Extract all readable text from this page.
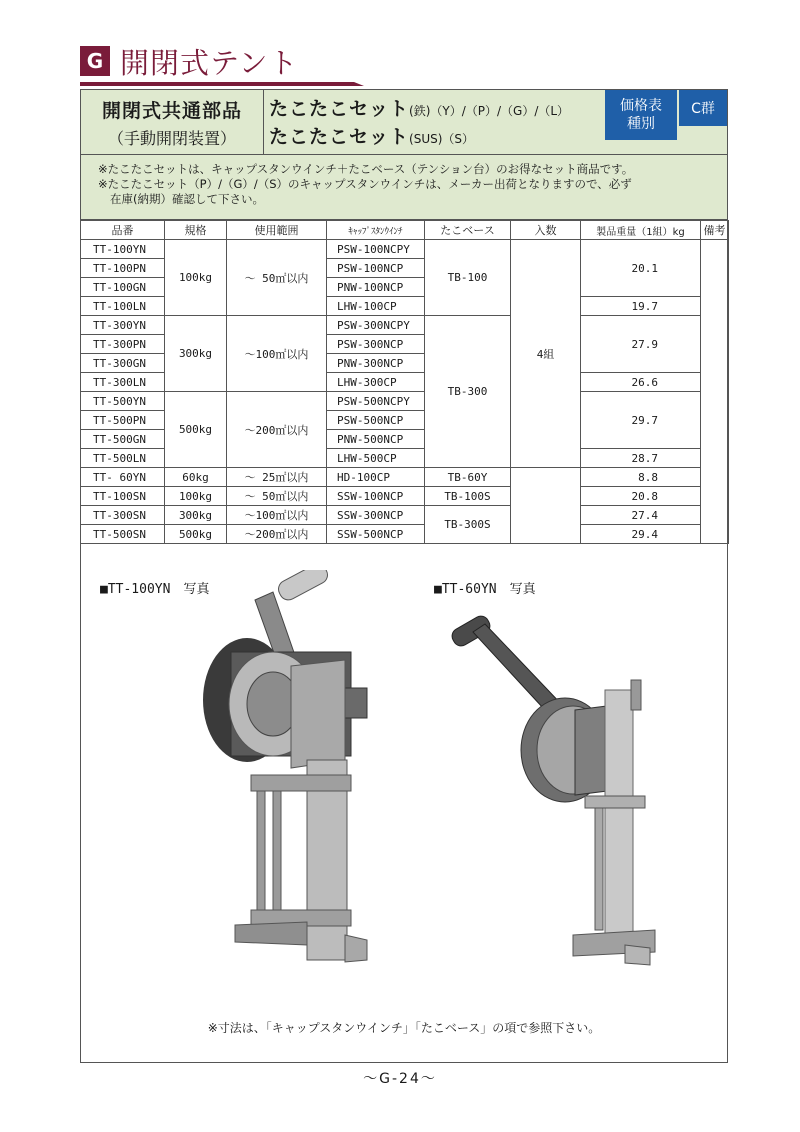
G 開閉式テント
開閉式共通部品
（手動開閉装置）
たこたこセット(鉄)（Y）/（P）/（G）/（L）
たこたこセット(SUS)（S）
価格表
種別
C群
※たこたこセットは、キャップスタンウインチ＋たこベース（テンション台）のお得なセット商品です。
※たこたこセット（P）/（G）/（S）のキャップスタンウインチは、メーカー出荷となりますので、必ず
在庫(納期）確認して下さい。
品番	規格	使用範囲	ｷｬｯﾌﾟｽﾀﾝｳｲﾝﾁ	たこベース	入数	製品重量（1組）kg	備考
TT-100YN	100kg	～ 50㎡以内	PSW-100NCPY	TB-100	4組	20.1	
TT-100PN			PSW-100NCP				
TT-100GN			PNW-100NCP				
TT-100LN			LHW-100CP			19.7	
TT-300YN	300kg	～100㎡以内	PSW-300NCPY	TB-300		27.9	
TT-300PN			PSW-300NCP				
TT-300GN			PNW-300NCP				
TT-300LN			LHW-300CP			26.6	
TT-500YN	500kg	～200㎡以内	PSW-500NCPY			29.7	
TT-500PN			PSW-500NCP				
TT-500GN			PNW-500NCP				
TT-500LN			LHW-500CP			28.7	
TT- 60YN	60kg	～ 25㎡以内	HD-100CP	TB-60Y		8.8	
TT-100SN	100kg	～ 50㎡以内	SSW-100NCP	TB-100S		20.8	
TT-300SN	300kg	～100㎡以内	SSW-300NCP	TB-300S		27.4	
TT-500SN	500kg	～200㎡以内	SSW-500NCP			29.4	
■TT-100YN　写真	■TT-60YN　写真
※寸法は、「キャップスタンウインチ」「たこベース」の項で参照下さい。
～G-24～
